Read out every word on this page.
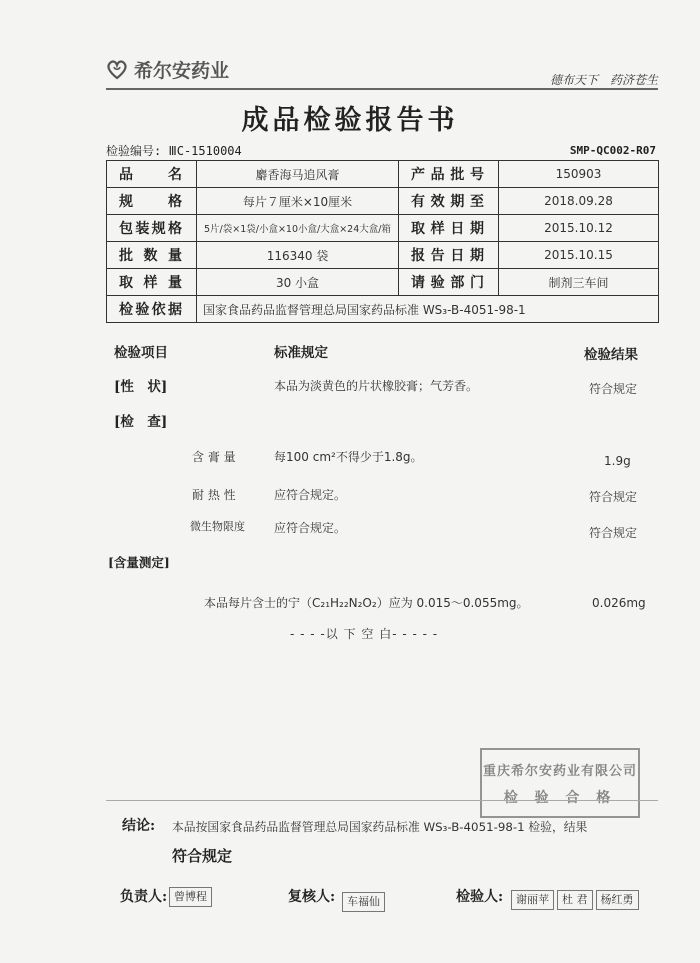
希尔安药业	德布天下　药济苍生
成品检验报告书
检验编号: ⅢC-1510004	SMP-QC002-R07
品　　名	麝香海马追风膏	产品批号	150903
规　　格	每片７厘米×10厘米	有效期至	2018.09.28
包装规格	5片/袋×1袋/小盒×10小盒/大盒×24大盒/箱	取样日期	2015.10.12
批 数 量	116340 袋	报告日期	2015.10.15
取 样 量	30 小盒	请验部门	制剂三车间
检验依据	国家食品药品监督管理总局国家药品标准 WS₃-B-4051-98-1		
检验项目	标准规定	检验结果
[性　状]	本品为淡黄色的片状橡胶膏；气芳香。	符合规定
[检　查]
含 膏 量	每100 cm²不得少于1.8g。	1.9g
耐 热 性	应符合规定。	符合规定
微生物限度 应符合规定。	符合规定
[含量测定]
本品每片含士的宁（C₂₁H₂₂N₂O₂）应为 0.015～0.055mg。	0.026mg
- - - -以 下 空 白- - - - -
重庆希尔安药业有限公司
检 验 合 格
结论: 本品按国家食品药品监督管理总局国家药品标准 WS₃-B-4051-98-1 检验，结果
符合规定
负责人: 曾博程	复核人:	车福仙	检验人:	谢丽苹	杜 君	杨红勇
